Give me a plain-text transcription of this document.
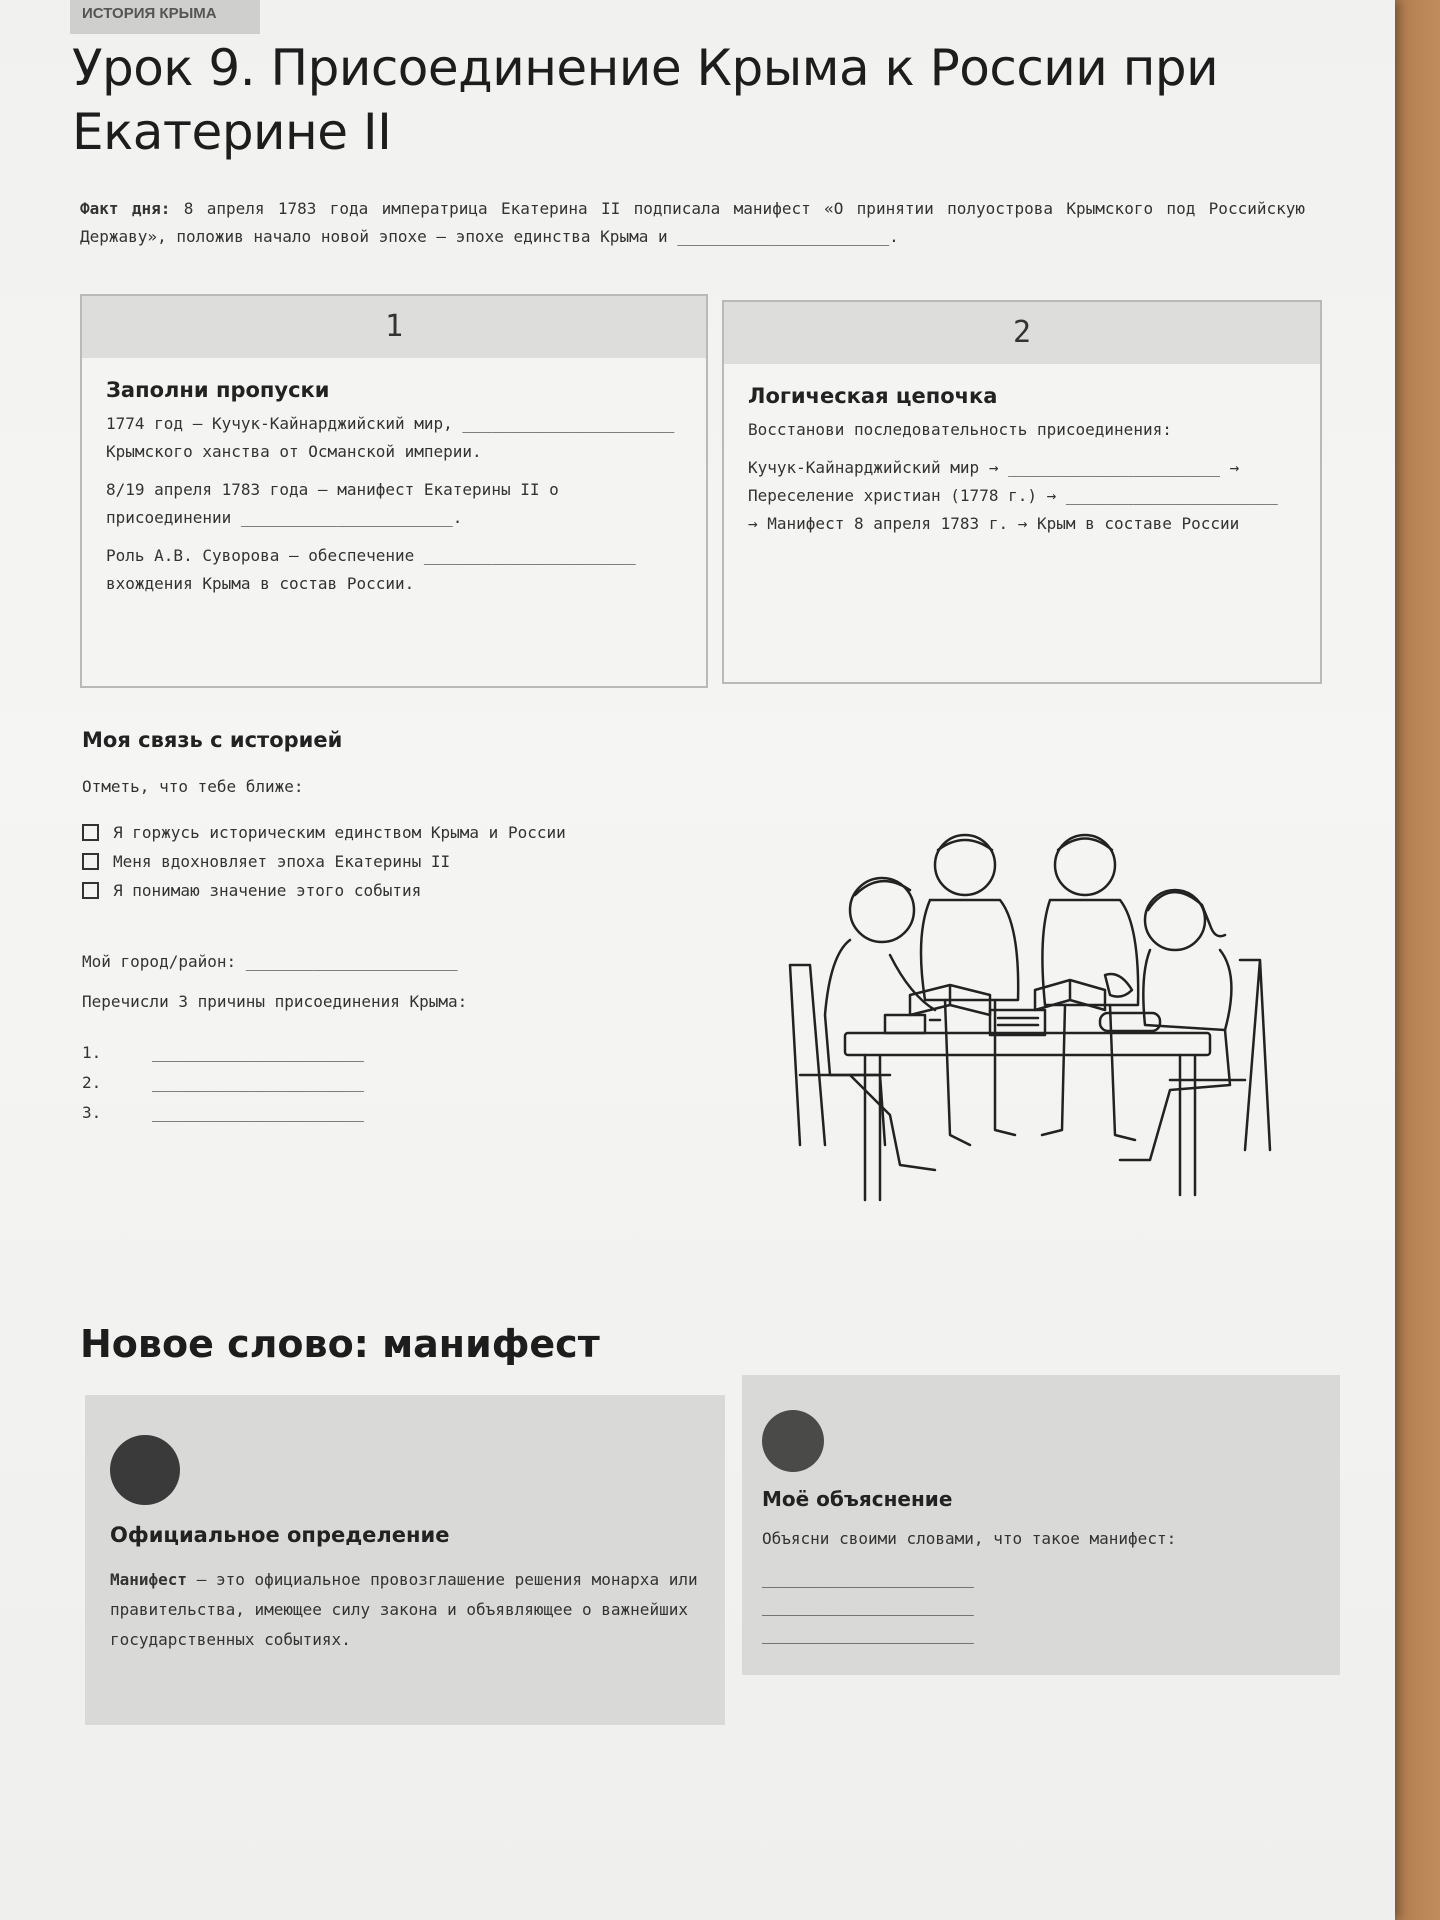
ИСТОРИЯ КРЫМА
Урок 9. Присоединение Крыма к России при Екатерине II

Факт дня: 8 апреля 1783 года императрица Екатерина II подписала манифест «О принятии полуострова Крымского под Российскую Державу», положив начало новой эпохе — эпохе единства Крыма и ______________________.

1
Заполни пропуски

1774 год — Кучук-Кайнарджийский мир, ______________________ Крымского ханства от Османской империи.

8/19 апреля 1783 года — манифест Екатерины II о присоединении ______________________.

Роль А.В. Суворова — обеспечение ______________________ вхождения Крыма в состав России.

2
Логическая цепочка

Восстанови последовательность присоединения:

Кучук-Кайнарджийский мир → ______________________ → Переселение христиан (1778 г.) → ______________________ → Манифест 8 апреля 1783 г. → Крым в составе России

Моя связь с историей

Отметь, что тебе ближе:

Я горжусь историческим единством Крыма и России
Меня вдохновляет эпоха Екатерины II
Я понимаю значение этого события

Мой город/район: ______________________

Перечисли 3 причины присоединения Крыма:

1.	______________________
2.	______________________
3.	______________________
Новое слово: манифест
Официальное определение

Манифест — это официальное провозглашение решения монарха или правительства, имеющее силу закона и объявляющее о важнейших государственных событиях.

Моё объяснение

Объясни своими словами, что такое манифест:

______________________

______________________

______________________
